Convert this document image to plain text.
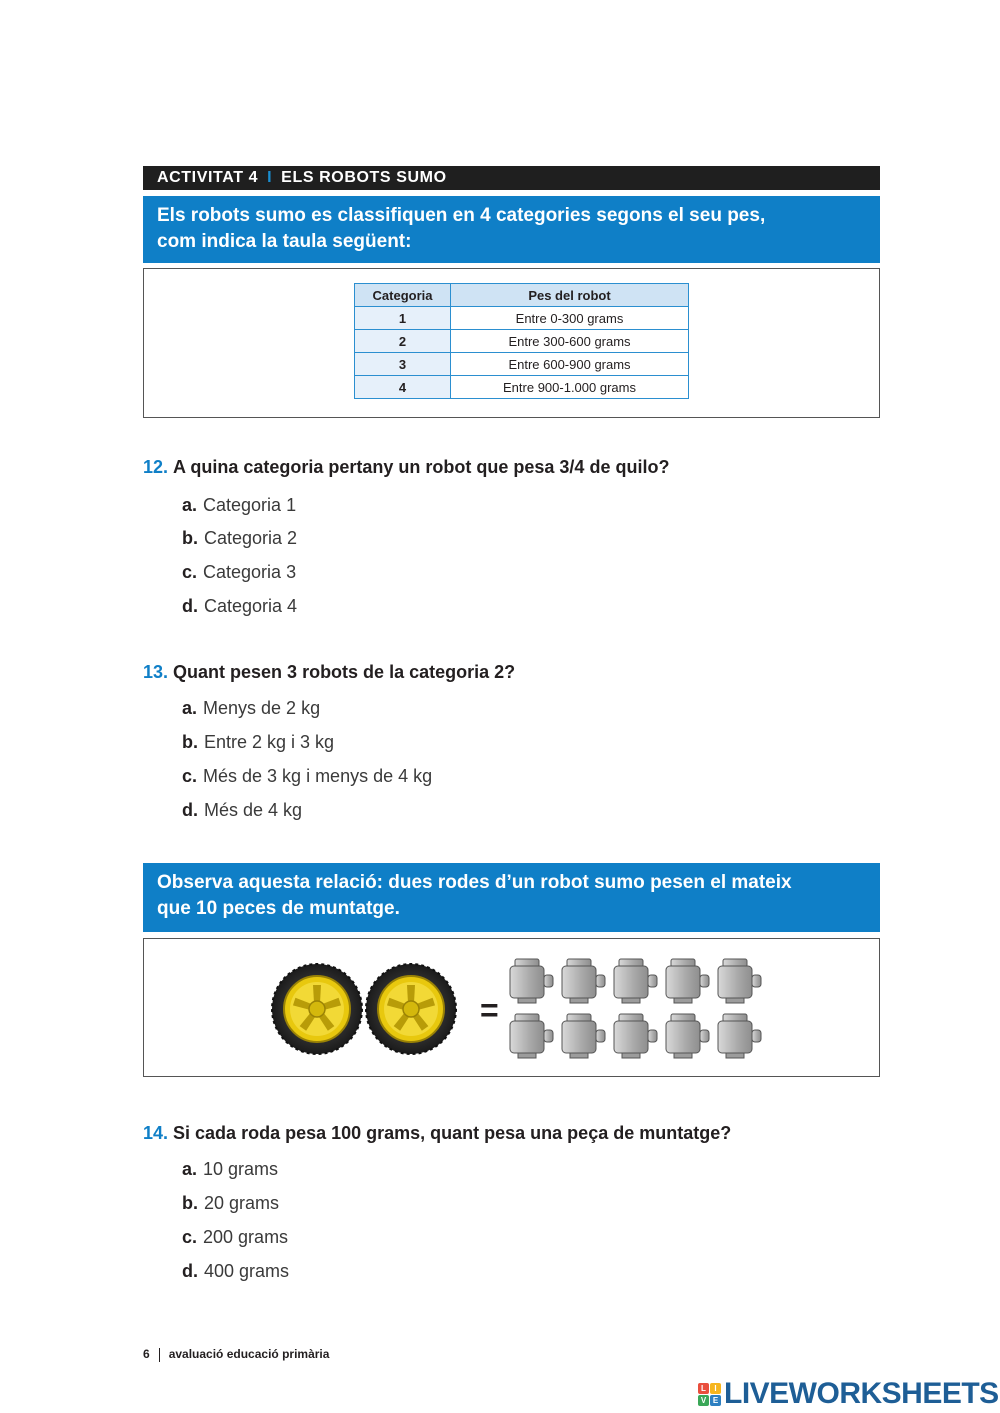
ACTIVITAT 4 I ELS ROBOTS SUMO
Els robots sumo es classifiquen en 4 categories segons el seu pes,
com indica la taula següent:
Categoria	Pes del robot
1	Entre 0-300 grams
2	Entre 300-600 grams
3	Entre 600-900 grams
4	Entre 900-1.000 grams
12. A quina categoria pertany un robot que pesa 3/4 de quilo?
a. Categoria 1
b. Categoria 2
c. Categoria 3
d. Categoria 4
13. Quant pesen 3 robots de la categoria 2?
a. Menys de 2 kg
b. Entre 2 kg i 3 kg
c. Més de 3 kg i menys de 4 kg
d. Més de 4 kg
Observa aquesta relació: dues rodes d’un robot sumo pesen el mateix
que 10 peces de muntatge.
=
14. Si cada roda pesa 100 grams, quant pesa una peça de muntatge?
a. 10 grams
b. 20 grams
c. 200 grams
d. 400 grams
6 avaluació educació primària
L	I
V E LIVEWORKSHEETS
